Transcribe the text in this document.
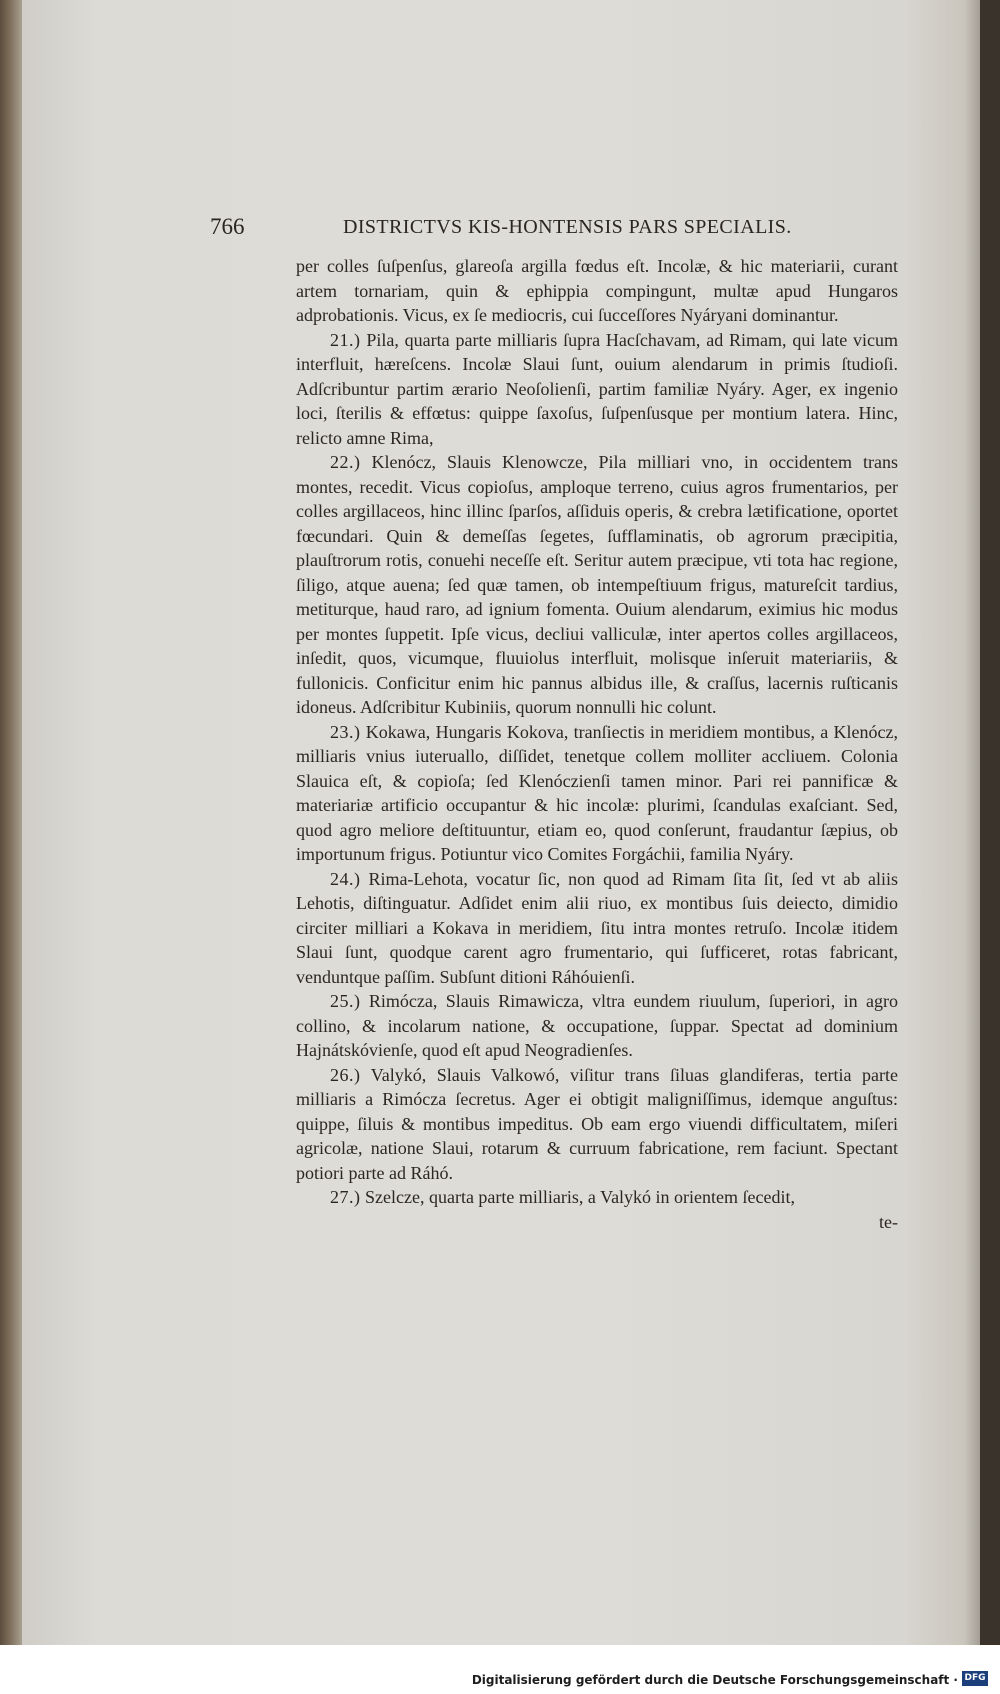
766	DISTRICTVS KIS-HONTENSIS PARS SPECIALIS.

per colles ſuſpenſus, glareoſa argilla fœdus eſt. Incolæ, & hic materiarii, curant artem tornariam, quin & ephippia compingunt, multæ apud Hungaros adprobationis. Vicus, ex ſe mediocris, cui ſucceſſores Nyáryani dominantur.

21.) Pila, quarta parte milliaris ſupra Hacſchavam, ad Rimam, qui late vicum interfluit, hæreſcens. Incolæ Slaui ſunt, ouium alendarum in primis ſtudioſi. Adſcribuntur partim ærario Neoſolienſi, partim familiæ Nyáry. Ager, ex ingenio loci, ſterilis & effœtus: quippe ſaxoſus, ſuſpenſusque per montium latera. Hinc, relicto amne Rima,

22.) Klenócz, Slauis Klenowcze, Pila milliari vno, in occidentem trans montes, recedit. Vicus copioſus, amploque terreno, cuius agros frumentarios, per colles argillaceos, hinc illinc ſparſos, aſſiduis operis, & crebra lætificatione, oportet fœcundari. Quin & demeſſas ſegetes, ſufflaminatis, ob agrorum præcipitia, plauſtrorum rotis, conuehi neceſſe eſt. Seritur autem præcipue, vti tota hac regione, ſiligo, atque auena; ſed quæ tamen, ob intempeſtiuum frigus, matureſcit tardius, metiturque, haud raro, ad ignium fomenta. Ouium alendarum, eximius hic modus per montes ſuppetit. Ipſe vicus, decliui valliculæ, inter apertos colles argillaceos, inſedit, quos, vicumque, fluuiolus interfluit, molisque inſeruit materiariis, & fullonicis. Conficitur enim hic pannus albidus ille, & craſſus, lacernis ruſticanis idoneus. Adſcribitur Kubiniis, quorum nonnulli hic colunt.

23.) Kokawa, Hungaris Kokova, tranſiectis in meridiem montibus, a Klenócz, milliaris vnius iuteruallo, diſſidet, tenetque collem molliter accliuem. Colonia Slauica eſt, & copioſa; ſed Klenóczienſi tamen minor. Pari rei pannificæ & materiariæ artificio occupantur & hic incolæ: plurimi, ſcandulas exaſciant. Sed, quod agro meliore deſtituuntur, etiam eo, quod conſerunt, fraudantur ſæpius, ob importunum frigus. Potiuntur vico Comites Forgáchii, familia Nyáry.

24.) Rima-Lehota, vocatur ſic, non quod ad Rimam ſita ſit, ſed vt ab aliis Lehotis, diſtinguatur. Adſidet enim alii riuo, ex montibus ſuis deiecto, dimidio circiter milliari a Kokava in meridiem, ſitu intra montes retruſo. Incolæ itidem Slaui ſunt, quodque carent agro frumentario, qui ſufficeret, rotas fabricant, venduntque paſſim. Subſunt ditioni Ráhóuienſi.

25.) Rimócza, Slauis Rimawicza, vltra eundem riuulum, ſuperiori, in agro collino, & incolarum natione, & occupatione, ſuppar. Spectat ad dominium Hajnátskóvienſe, quod eſt apud Neogradienſes.

26.) Valykó, Slauis Valkowó, viſitur trans ſiluas glandiferas, tertia parte milliaris a Rimócza ſecretus. Ager ei obtigit maligniſſimus, idemque anguſtus: quippe, ſiluis & montibus impeditus. Ob eam ergo viuendi difficultatem, miſeri agricolæ, natione Slaui, rotarum & curruum fabricatione, rem faciunt. Spectant potiori parte ad Ráhó.

27.) Szelcze, quarta parte milliaris, a Valykó in orientem ſecedit,

te-

Digitalisierung gefördert durch die Deutsche Forschungsgemeinschaft · DFG
